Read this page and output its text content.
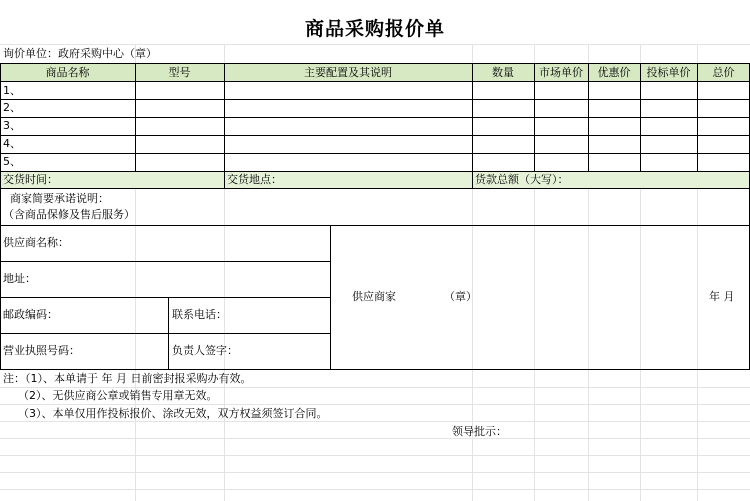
商品采购报价单
询价单位：政府采购中心（章）
商品名称	型号	主要配置及其说明	数量	市场单价	优惠价	投标单价	总价
1、
2、
3、
4、
5、
交货时间：	交货地点：	货款总额（大写）：
商家简要承诺说明：
（含商品保修及售后服务）
供应商名称：
地址：
邮政编码：	联系电话：
营业执照号码：	负责人签字：
供应商家	（章）	年 月
注：（1）、本单请于 年 月 日前密封报采购办有效。
（2）、无供应商公章或销售专用章无效。
（3）、本单仅用作投标报价、涂改无效，双方权益须签订合同。
领导批示：
